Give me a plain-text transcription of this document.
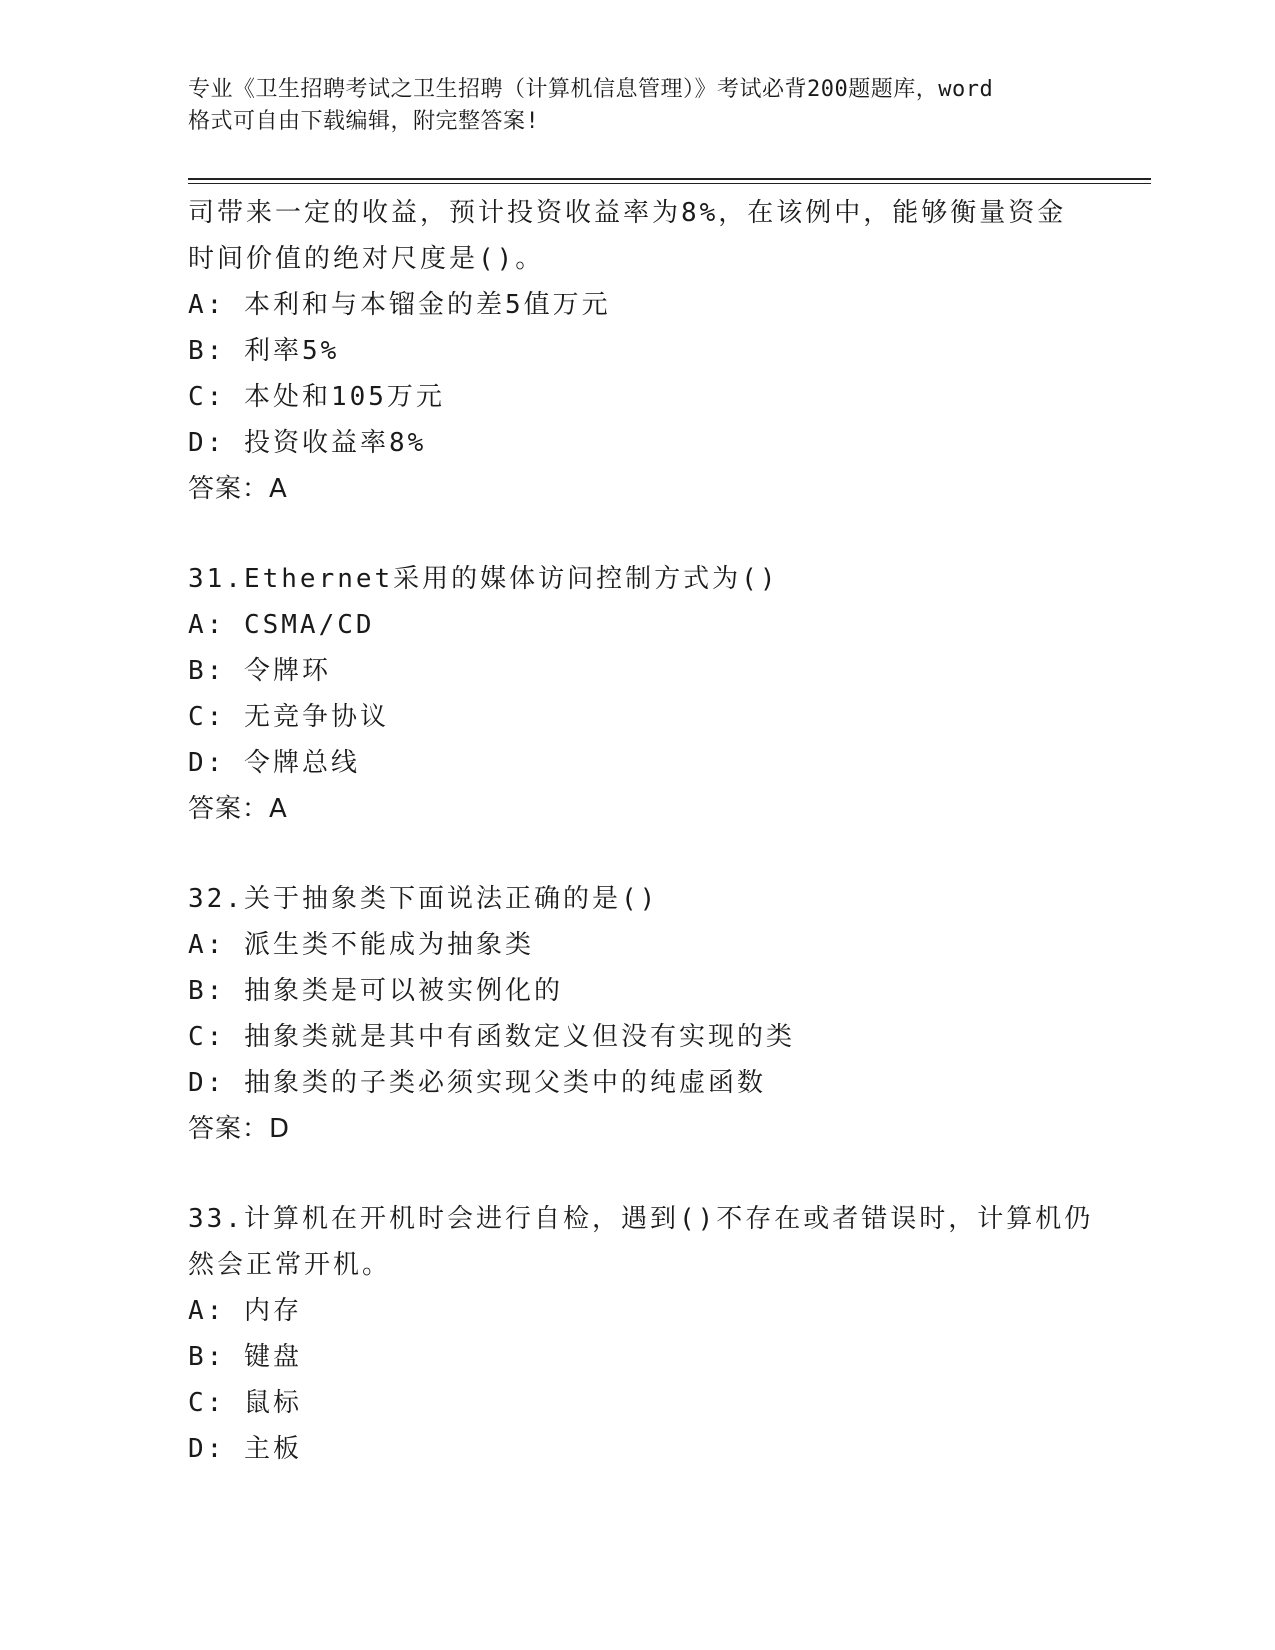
专业《卫生招聘考试之卫生招聘（计算机信息管理）》考试必背200题题库，word
格式可自由下载编辑，附完整答案!
司带来一定的收益，预计投资收益率为8%，在该例中，能够衡量资金
时间价值的绝对尺度是()。
A: 本利和与本镏金的差5值万元
B: 利率5%
C: 本处和105万元
D: 投资收益率8%
答案：A
31.Ethernet采用的媒体访问控制方式为()
A: CSMA/CD
B: 令牌环
C: 无竞争协议
D: 令牌总线
答案：A
32.关于抽象类下面说法正确的是()
A: 派生类不能成为抽象类
B: 抽象类是可以被实例化的
C: 抽象类就是其中有函数定义但没有实现的类
D: 抽象类的子类必须实现父类中的纯虚函数
答案：D
33.计算机在开机时会进行自检，遇到()不存在或者错误时，计算机仍
然会正常开机。
A: 内存
B: 键盘
C: 鼠标
D: 主板
